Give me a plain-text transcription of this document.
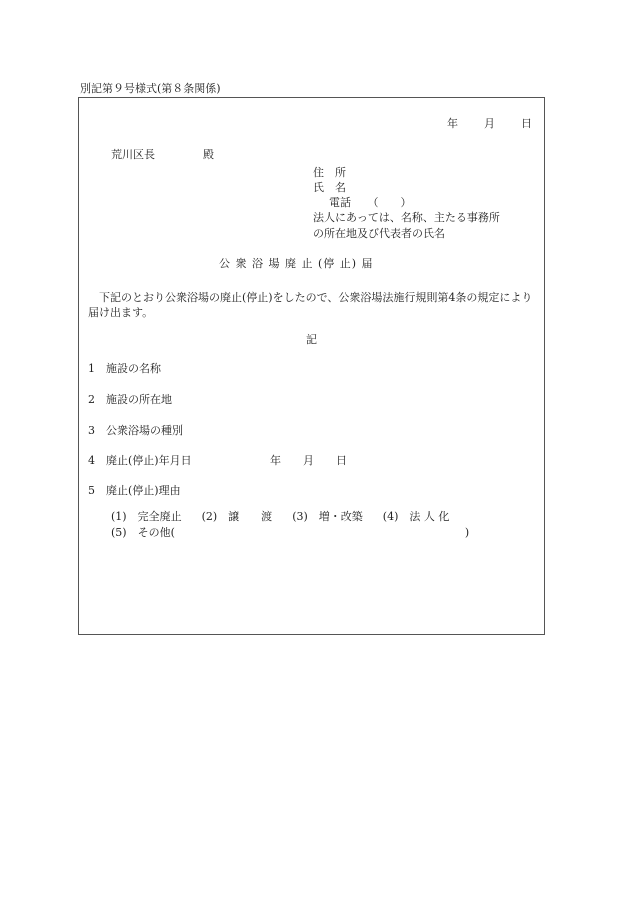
別記第９号様式(第８条関係)

年 月 日

荒川区長	殿

住　所
氏　名
電話　　（　　）
法人にあっては、名称、主たる事務所
の所在地及び代表者の氏名
公 衆 浴 場 廃 止 (停 止) 届
下記のとおり公衆浴場の廃止(停止)をしたので、公衆浴場法施行規則第4条の規定により届け出ます。
記
1　施設の名称
2　施設の所在地
3　公衆浴場の種別
4　廃止(停止)年月日	年　　月　　日
5　廃止(停止)理由

(1)　完全廃止 (2)　譲　　渡 (3)　増・改築 (4)　法 人 化

(5)　その他(	)
